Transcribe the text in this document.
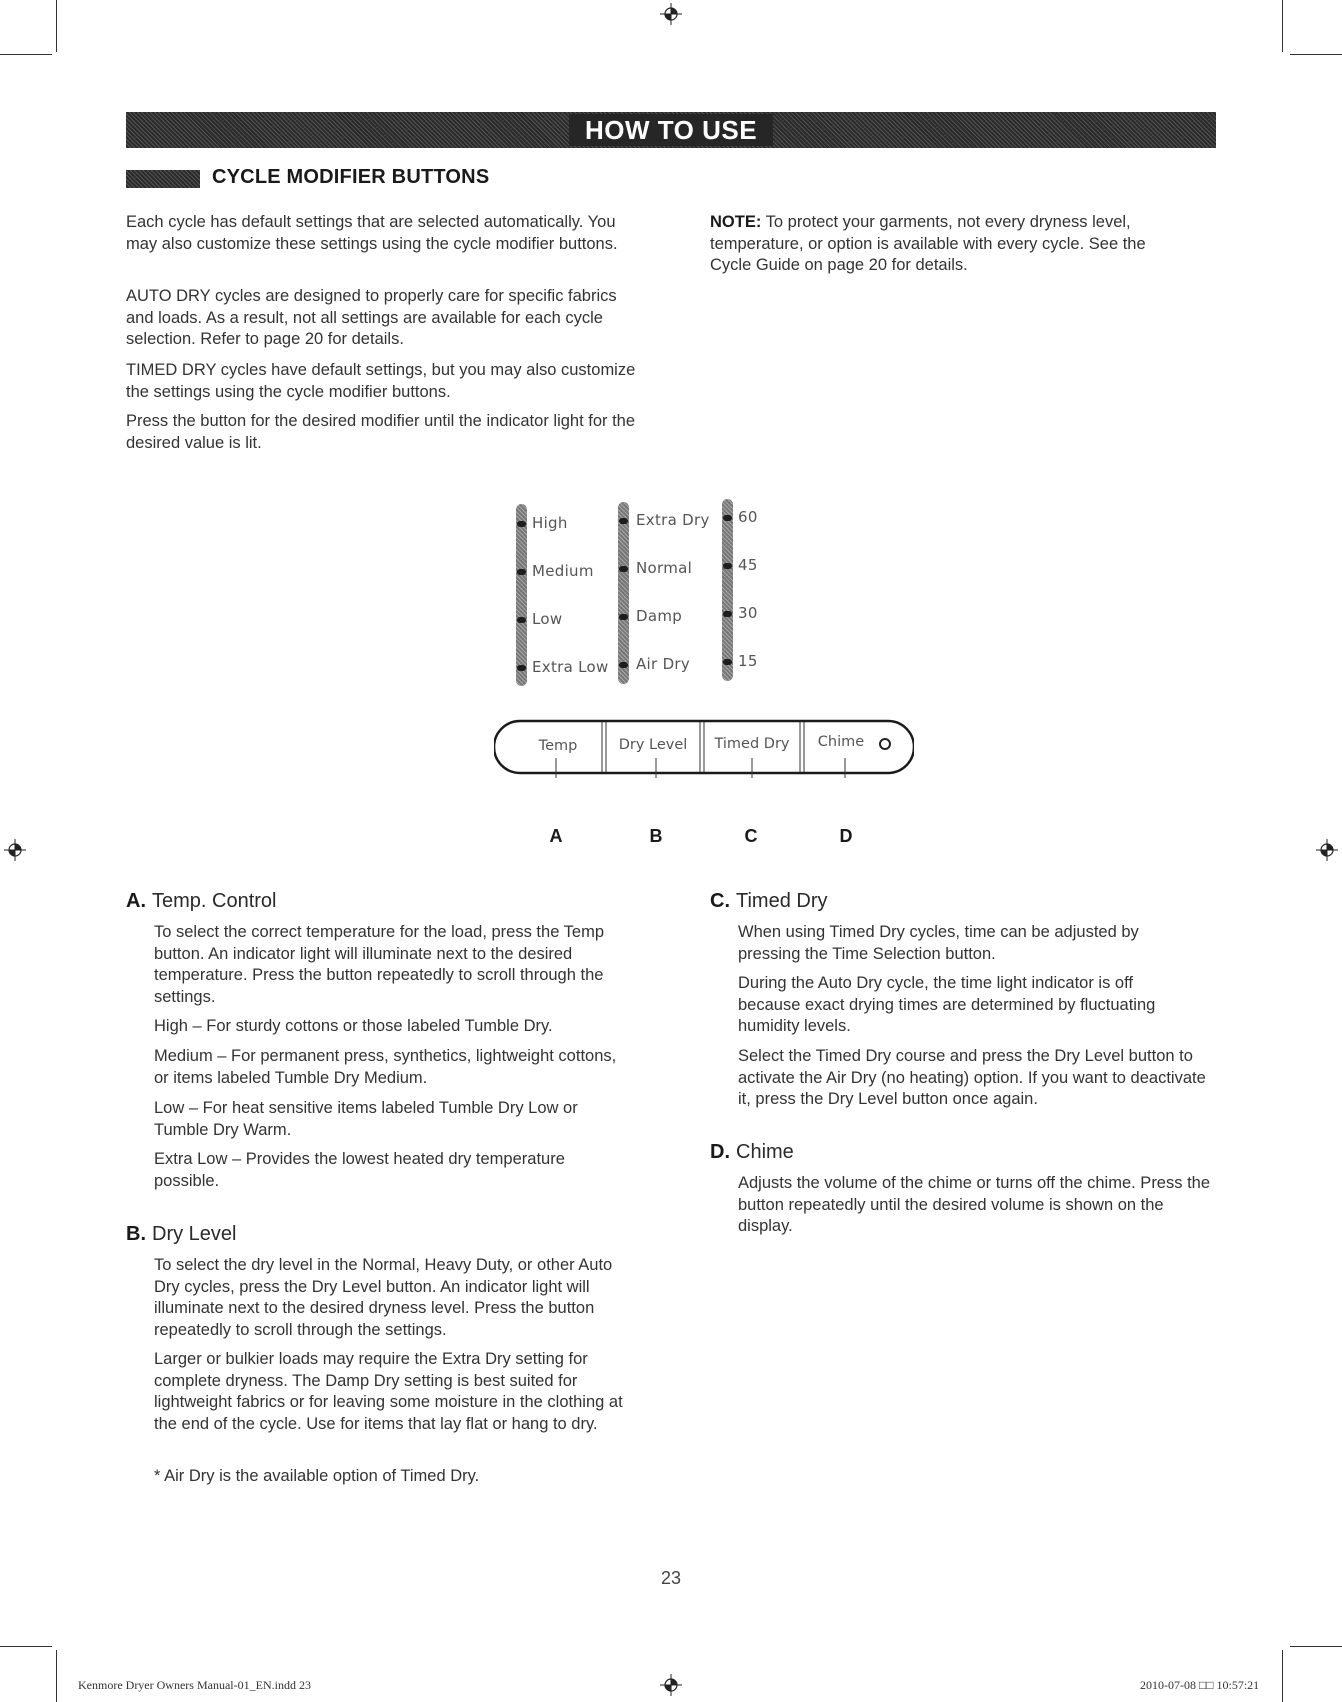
HOW TO USE
CYCLE MODIFIER BUTTONS
Each cycle has default settings that are selected automatically. You may also customize these settings using the cycle modifier buttons.
AUTO DRY cycles are designed to properly care for specific fabrics and loads. As a result, not all settings are available for each cycle selection. Refer to page 20 for details.
TIMED DRY cycles have default settings, but you may also customize the settings using the cycle modifier buttons.
Press the button for the desired modifier until the indicator light for the desired value is lit.
NOTE: To protect your garments, not every dryness level, temperature, or option is available with every cycle. See the Cycle Guide on page 20 for details.
High
Medium
Low
Extra Low
Extra Dry
Normal
Damp
Air Dry
60
45
30
15
Temp	Dry Level	Timed Dry	Chime
A	B	C	D
A. Temp. Control
To select the correct temperature for the load, press the Temp button. An indicator light will illuminate next to the desired temperature. Press the button repeatedly to scroll through the settings.
High – For sturdy cottons or those labeled Tumble Dry.
Medium – For permanent press, synthetics, lightweight cottons, or items labeled Tumble Dry Medium.
Low – For heat sensitive items labeled Tumble Dry Low or Tumble Dry Warm.
Extra Low – Provides the lowest heated dry temperature possible.
B. Dry Level
To select the dry level in the Normal, Heavy Duty, or other Auto Dry cycles, press the Dry Level button. An indicator light will illuminate next to the desired dryness level. Press the button repeatedly to scroll through the settings.
Larger or bulkier loads may require the Extra Dry setting for complete dryness. The Damp Dry setting is best suited for lightweight fabrics or for leaving some moisture in the clothing at the end of the cycle. Use for items that lay flat or hang to dry.
* Air Dry is the available option of Timed Dry.
C. Timed Dry
When using Timed Dry cycles, time can be adjusted by pressing the Time Selection button.
During the Auto Dry cycle, the time light indicator is off because exact drying times are determined by fluctuating humidity levels.
Select the Timed Dry course and press the Dry Level button to activate the Air Dry (no heating) option. If you want to deactivate it, press the Dry Level button once again.
D. Chime
Adjusts the volume of the chime or turns off the chime. Press the button repeatedly until the desired volume is shown on the display.
23
Kenmore Dryer Owners Manual-01_EN.indd 23	2010-07-08 □□ 10:57:21
